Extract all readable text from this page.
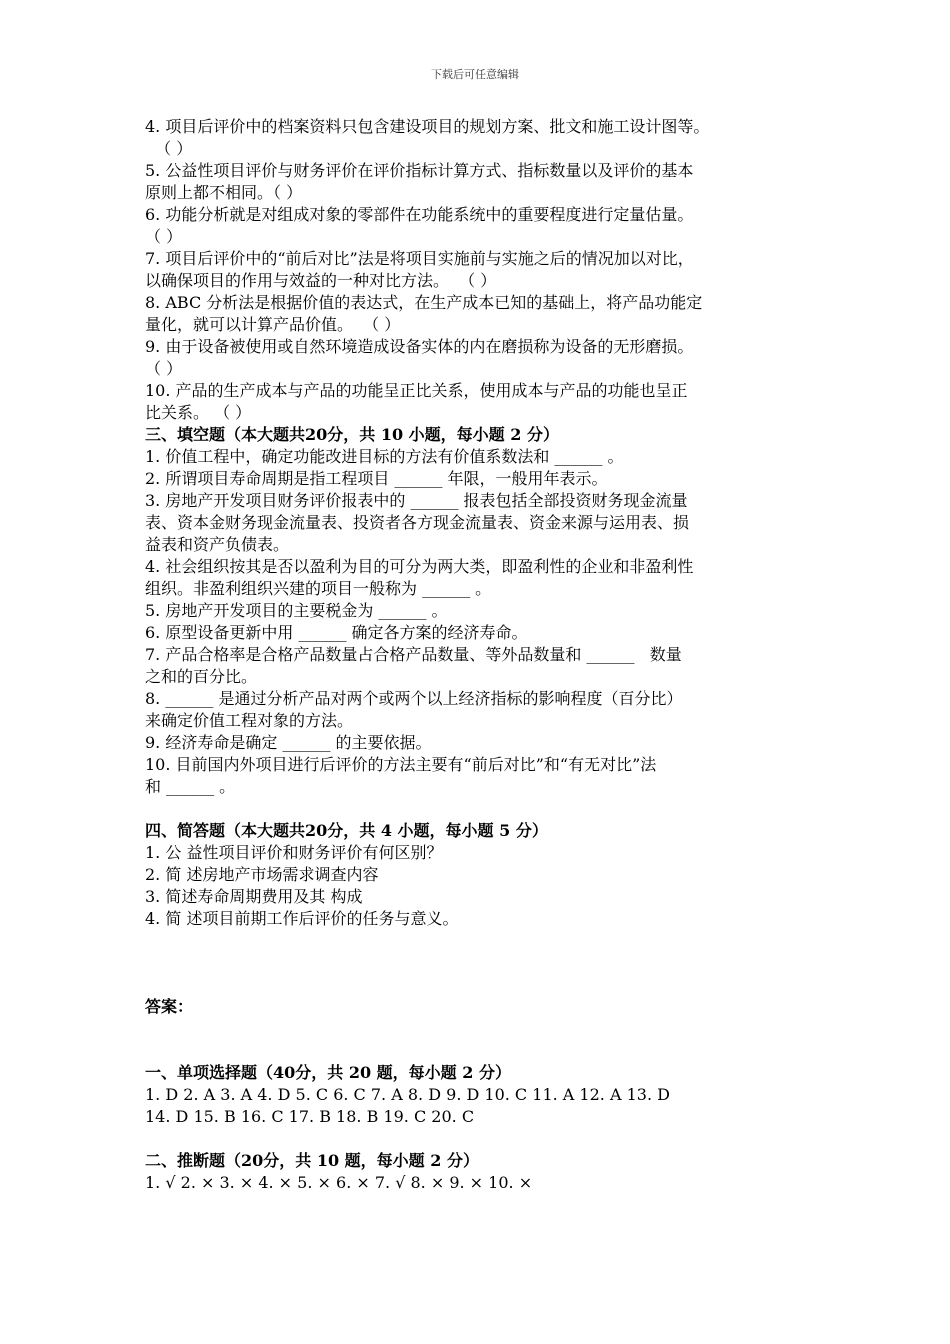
下载后可任意编辑
4. 项目后评价中的档案资料只包含建设项目的规划方案、批文和施工设计图等。
（ ）
5. 公益性项目评价与财务评价在评价指标计算方式、指标数量以及评价的基本
原则上都不相同。（ ）
6. 功能分析就是对组成对象的零部件在功能系统中的重要程度进行定量估量。
（ ）
7. 项目后评价中的“前后对比”法是将项目实施前与实施之后的情况加以对比，
以确保项目的作用与效益的一种对比方法。  （ ）
8. ABC 分析法是根据价值的表达式，在生产成本已知的基础上，将产品功能定
量化，就可以计算产品价值。  （ ）
9. 由于设备被使用或自然环境造成设备实体的内在磨损称为设备的无形磨损。
（ ）
10. 产品的生产成本与产品的功能呈正比关系，使用成本与产品的功能也呈正
比关系。 （ ）
三、填空题（本大题共20分，共 10 小题，每小题 2 分）
1. 价值工程中，确定功能改进目标的方法有价值系数法和 ______ 。
2. 所谓项目寿命周期是指工程项目 ______ 年限，一般用年表示。
3. 房地产开发项目财务评价报表中的 ______ 报表包括全部投资财务现金流量
表、资本金财务现金流量表、投资者各方现金流量表、资金来源与运用表、损
益表和资产负债表。
4. 社会组织按其是否以盈利为目的可分为两大类，即盈利性的企业和非盈利性
组织。非盈利组织兴建的项目一般称为 ______ 。
5. 房地产开发项目的主要税金为 ______ 。
6. 原型设备更新中用 ______ 确定各方案的经济寿命。
7. 产品合格率是合格产品数量占合格产品数量、等外品数量和 ______   数量
之和的百分比。
8. ______ 是通过分析产品对两个或两个以上经济指标的影响程度（百分比）
来确定价值工程对象的方法。
9. 经济寿命是确定 ______ 的主要依据。
10. 目前国内外项目进行后评价的方法主要有“前后对比”和“有无对比”法
和 ______ 。
四、简答题（本大题共20分，共 4 小题，每小题 5 分）
1. 公 益性项目评价和财务评价有何区别？
2. 简 述房地产市场需求调查内容
3. 简述寿命周期费用及其 构成
4. 简 述项目前期工作后评价的任务与意义。
答案：
一、单项选择题（40分，共 20 题，每小题 2 分）
1. D 2. A 3. A 4. D 5. C 6. C 7. A 8. D 9. D 10. C 11. A 12. A 13. D
14. D 15. B 16. C 17. B 18. B 19. C 20. C
二、推断题（20分，共 10 题，每小题 2 分）
1. √ 2. × 3. × 4. × 5. × 6. × 7. √ 8. × 9. × 10. ×
